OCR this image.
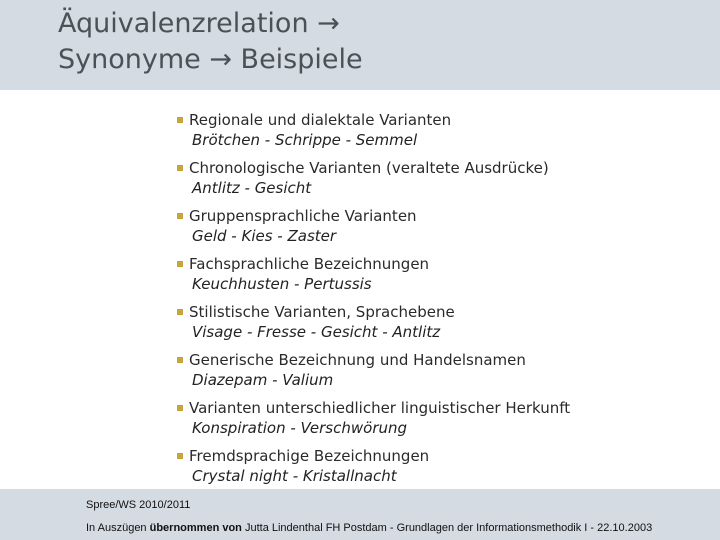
Äquivalenzrelation →
Synonyme → Beispiele
Regionale und dialektale Varianten
Brötchen - Schrippe - Semmel
Chronologische Varianten (veraltete Ausdrücke)
Antlitz - Gesicht
Gruppensprachliche Varianten
Geld - Kies - Zaster
Fachsprachliche Bezeichnungen
Keuchhusten - Pertussis
Stilistische Varianten, Sprachebene
Visage - Fresse - Gesicht - Antlitz
Generische Bezeichnung und Handelsnamen
Diazepam - Valium
Varianten unterschiedlicher linguistischer Herkunft
Konspiration - Verschwörung
Fremdsprachige Bezeichnungen
Crystal night - Kristallnacht
Spree/WS 2010/2011
In Auszügen übernommen von Jutta Lindenthal FH Postdam - Grundlagen der Informationsmethodik I - 22.10.2003
